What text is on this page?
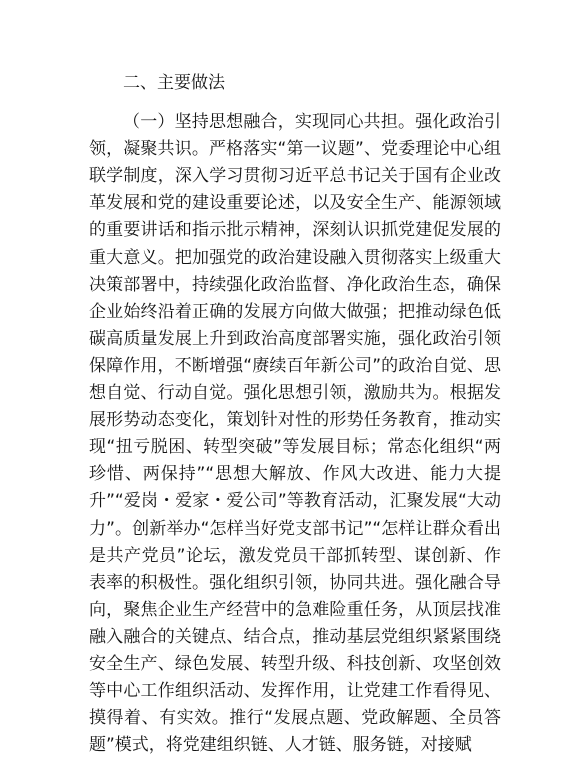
二、主要做法

（一）坚持思想融合，实现同心共担。强化政治引领，凝聚共识。严格落实“第一议题”、党委理论中心组联学制度，深入学习贯彻习近平总书记关于国有企业改革发展和党的建设重要论述，以及安全生产、能源领域的重要讲话和指示批示精神，深刻认识抓党建促发展的重大意义。把加强党的政治建设融入贯彻落实上级重大决策部署中，持续强化政治监督、净化政治生态，确保企业始终沿着正确的发展方向做大做强；把推动绿色低碳高质量发展上升到政治高度部署实施，强化政治引领保障作用，不断增强“赓续百年新公司”的政治自觉、思想自觉、行动自觉。强化思想引领，激励共为。根据发展形势动态变化，策划针对性的形势任务教育，推动实现“扭亏脱困、转型突破”等发展目标；常态化组织“两珍惜、两保持”“思想大解放、作风大改进、能力大提升”“爱岗・爱家・爱公司”等教育活动，汇聚发展“大动力”。创新举办“怎样当好党支部书记”“怎样让群众看出是共产党员”论坛，激发党员干部抓转型、谋创新、作表率的积极性。强化组织引领，协同共进。强化融合导向，聚焦企业生产经营中的急难险重任务，从顶层找准融入融合的关键点、结合点，推动基层党组织紧紧围绕安全生产、绿色发展、转型升级、科技创新、攻坚创效等中心工作组织活动、发挥作用，让党建工作看得见、摸得着、有实效。推行“发展点题、党政解题、全员答题”模式，将党建组织链、人才链、服务链，对接赋
